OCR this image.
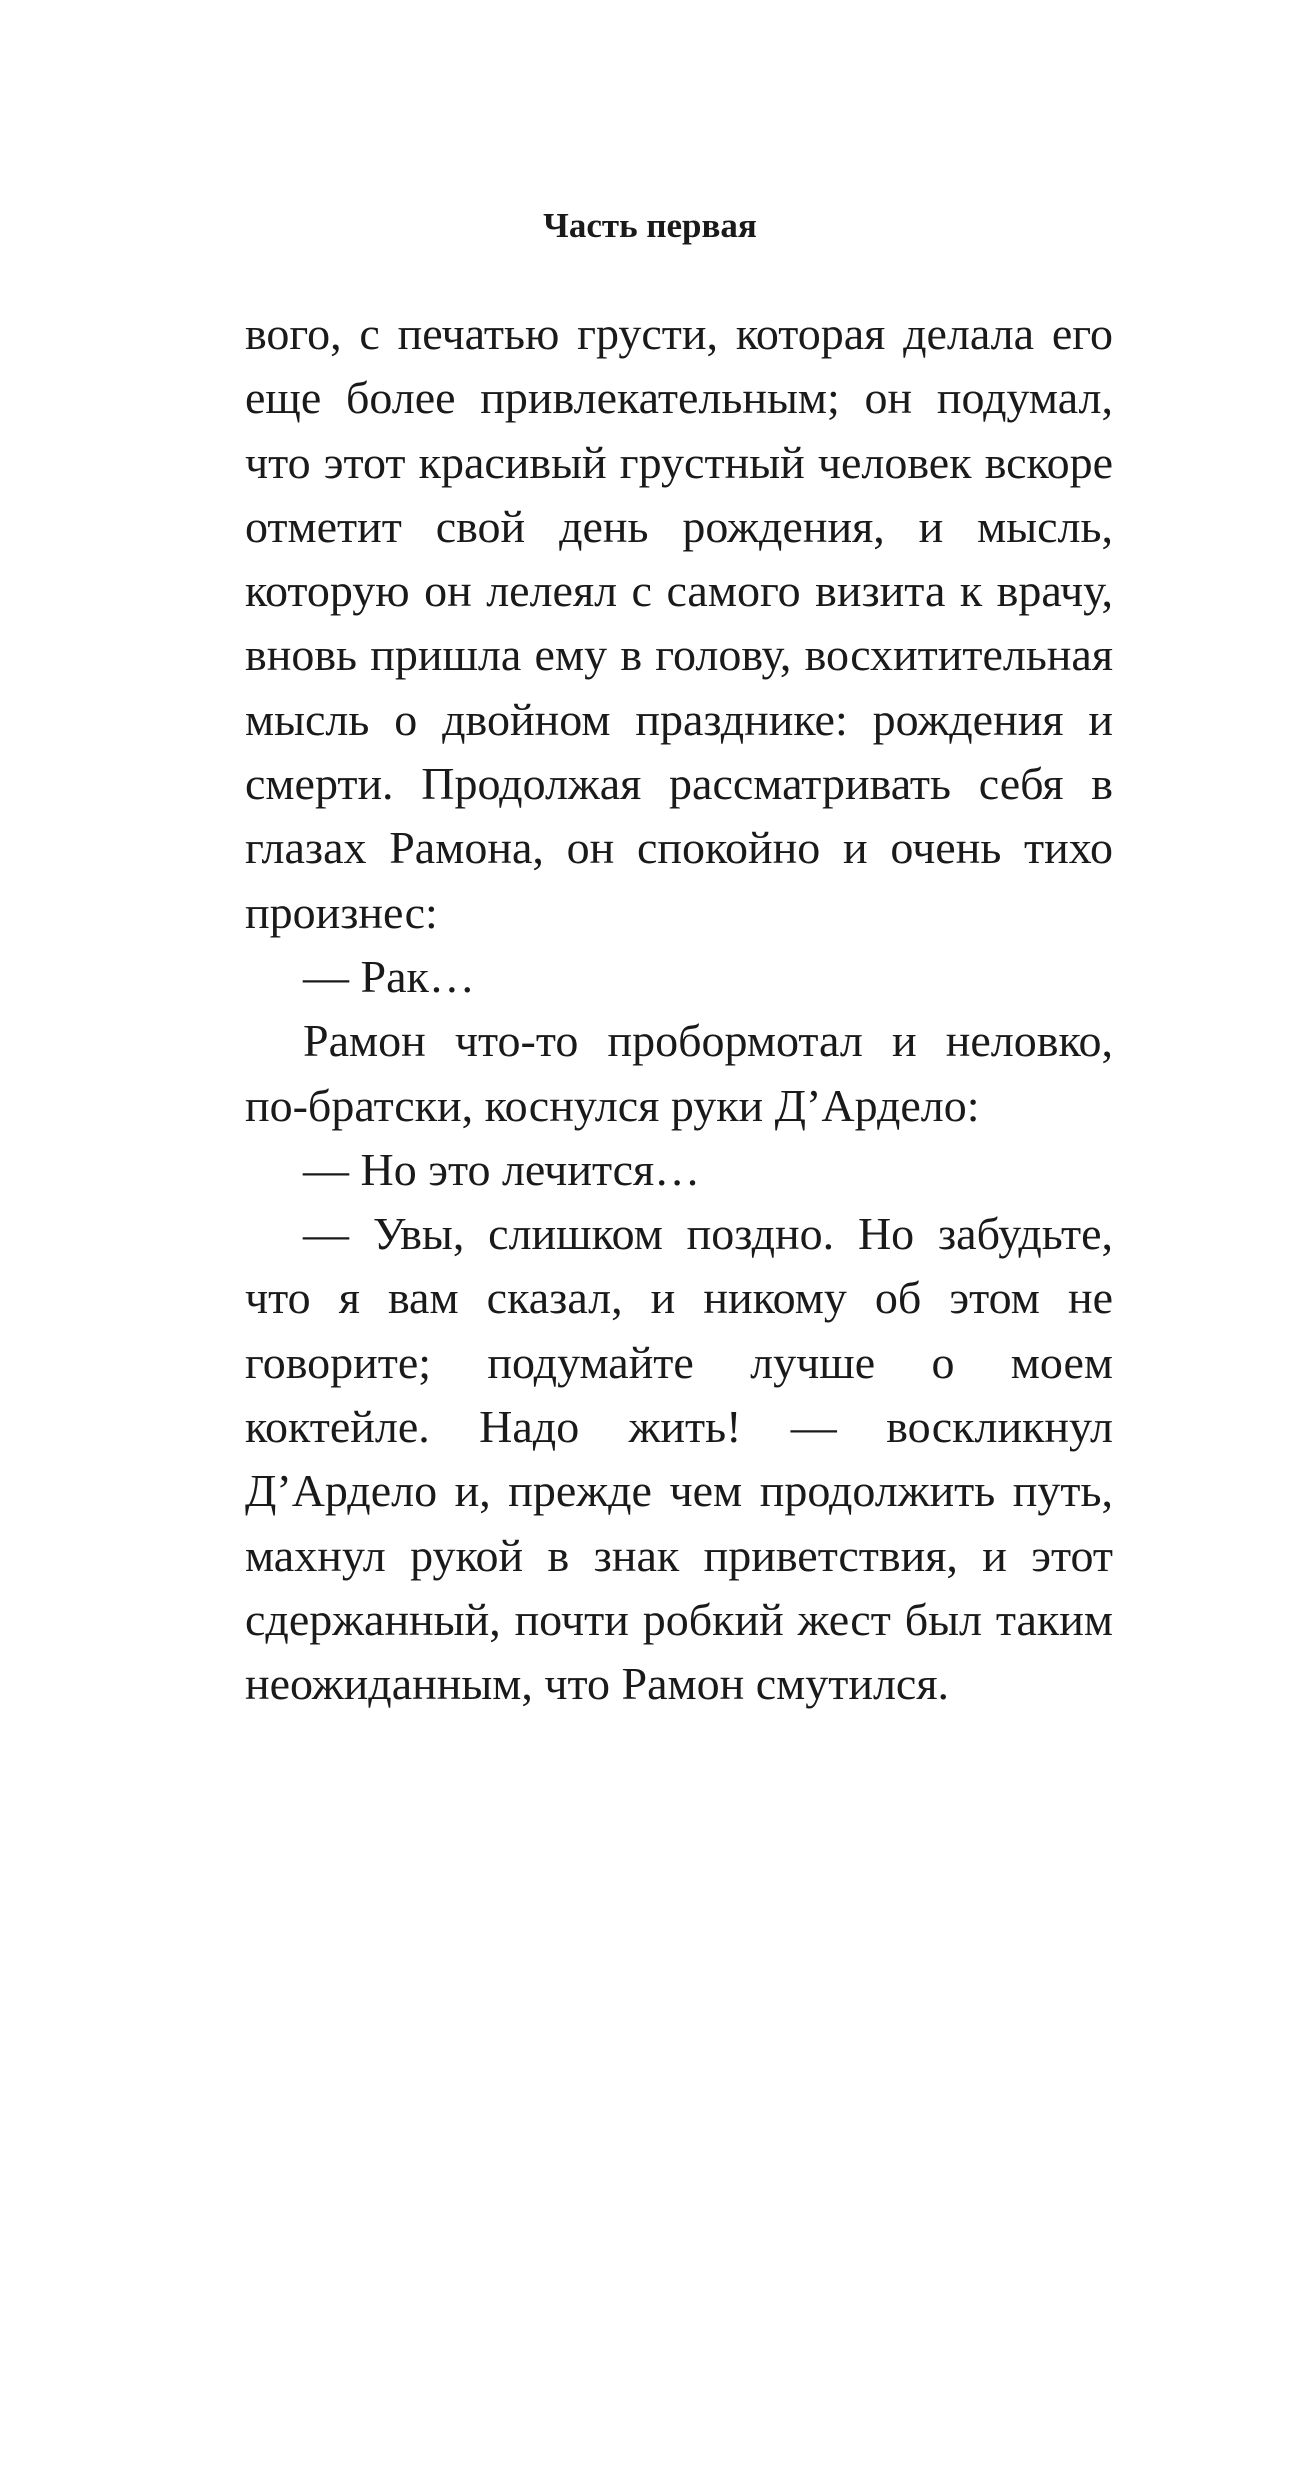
Часть первая

вого, с печатью грусти, которая делала его еще более привлекательным; он подумал, что этот красивый грустный человек вскоре отметит свой день рождения, и мысль, которую он лелеял с самого визита к врачу, вновь пришла ему в голову, восхитительная мысль о двойном празднике: рождения и смерти. Продолжая рассматривать себя в глазах Рамона, он спокойно и очень тихо произнес:

— Рак…

Рамон что-то пробормотал и неловко, по-братски, коснулся руки Д’Ардело:

— Но это лечится…

— Увы, слишком поздно. Но забудьте, что я вам сказал, и никому об этом не говорите; подумайте лучше о моем коктейле. Надо жить! — воскликнул Д’Ардело и, прежде чем продолжить путь, махнул рукой в знак приветствия, и этот сдержанный, почти робкий жест был таким неожиданным, что Рамон смутился.
